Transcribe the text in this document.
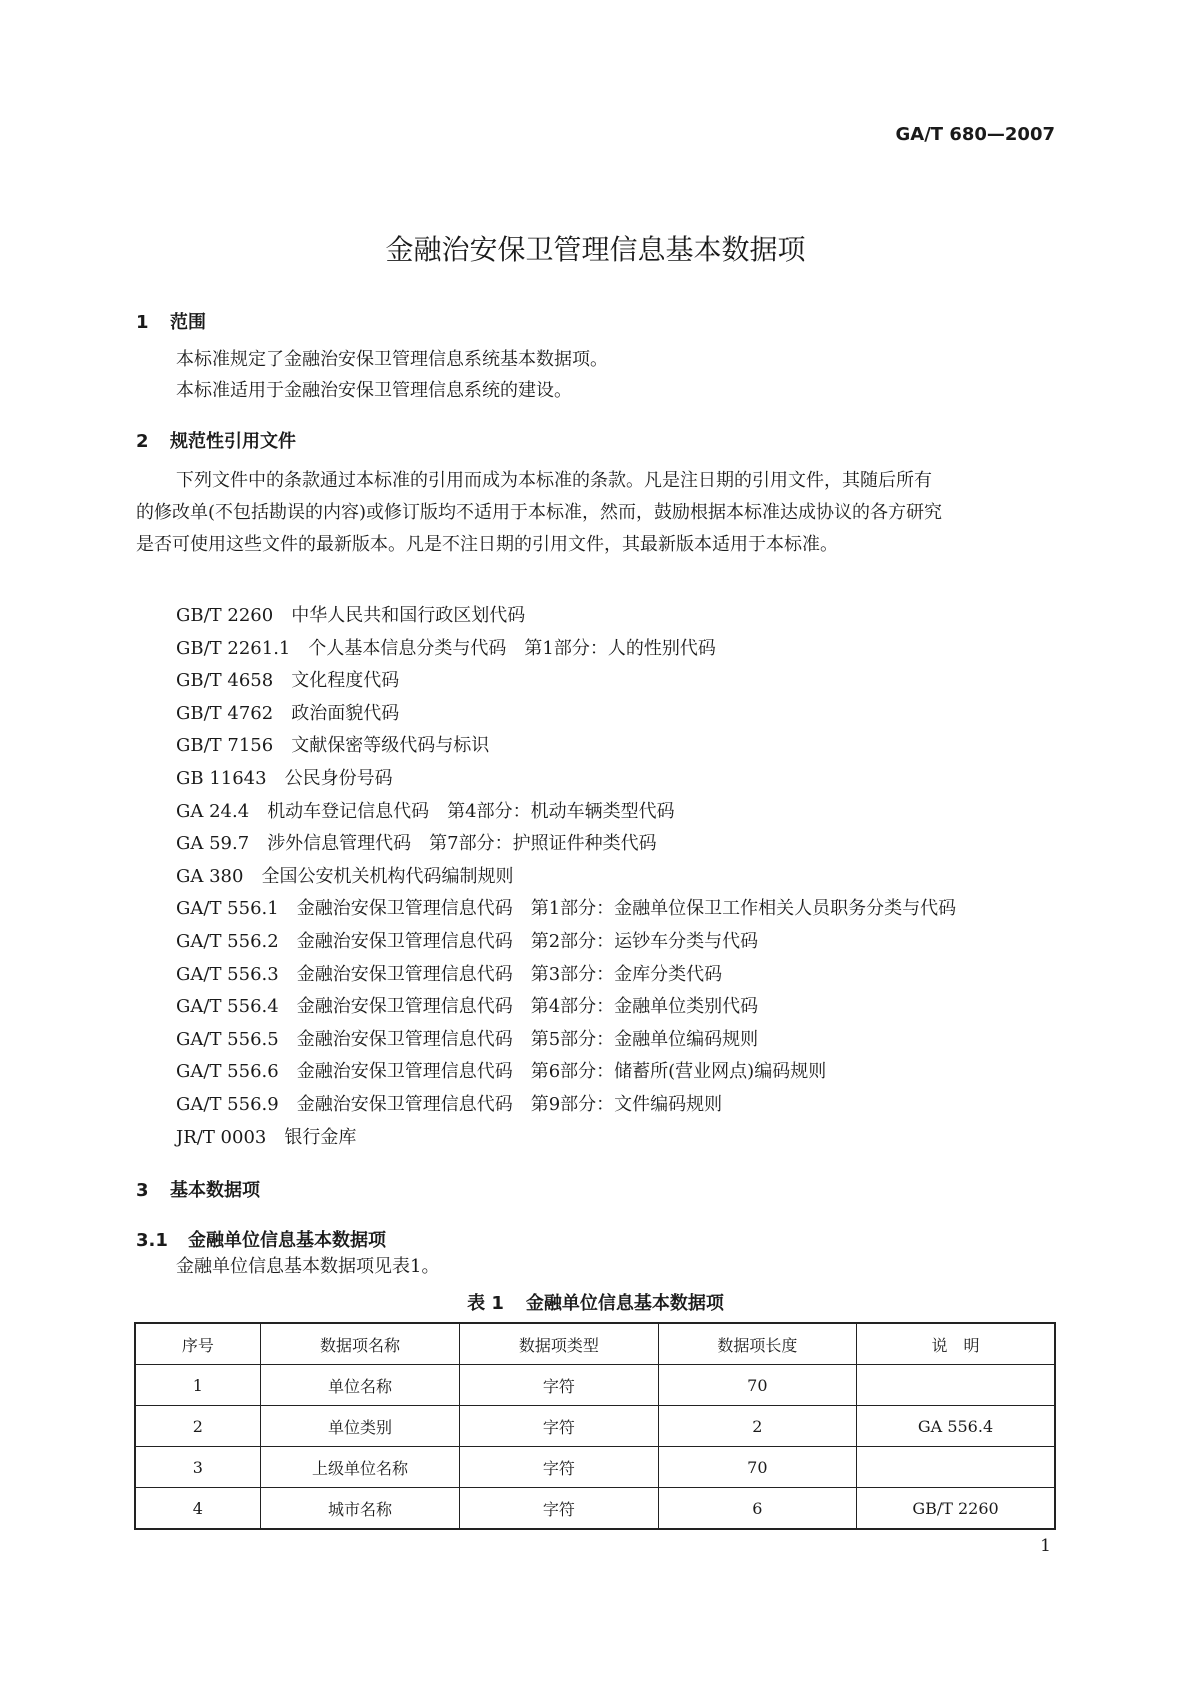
GA/T 680—2007
金融治安保卫管理信息基本数据项
1 范围
本标准规定了金融治安保卫管理信息系统基本数据项。
本标准适用于金融治安保卫管理信息系统的建设。
2 规范性引用文件
下列文件中的条款通过本标准的引用而成为本标准的条款。凡是注日期的引用文件，其随后所有
的修改单(不包括勘误的内容)或修订版均不适用于本标准，然而，鼓励根据本标准达成协议的各方研究
是否可使用这些文件的最新版本。凡是不注日期的引用文件，其最新版本适用于本标准。
GB/T 2260 中华人民共和国行政区划代码
GB/T 2261.1 个人基本信息分类与代码　第1部分：人的性别代码
GB/T 4658 文化程度代码
GB/T 4762 政治面貌代码
GB/T 7156 文献保密等级代码与标识
GB 11643 公民身份号码
GA 24.4 机动车登记信息代码　第4部分：机动车辆类型代码
GA 59.7 涉外信息管理代码　第7部分：护照证件种类代码
GA 380 全国公安机关机构代码编制规则
GA/T 556.1 金融治安保卫管理信息代码　第1部分：金融单位保卫工作相关人员职务分类与代码
GA/T 556.2 金融治安保卫管理信息代码　第2部分：运钞车分类与代码
GA/T 556.3 金融治安保卫管理信息代码　第3部分：金库分类代码
GA/T 556.4 金融治安保卫管理信息代码　第4部分：金融单位类别代码
GA/T 556.5 金融治安保卫管理信息代码　第5部分：金融单位编码规则
GA/T 556.6 金融治安保卫管理信息代码　第6部分：储蓄所(营业网点)编码规则
GA/T 556.9 金融治安保卫管理信息代码　第9部分：文件编码规则
JR/T 0003 银行金库
3 基本数据项
3.1 金融单位信息基本数据项
金融单位信息基本数据项见表1。
表 1 金融单位信息基本数据项
序号	数据项名称	数据项类型	数据项长度	说　明
1	单位名称	字符	70	
2	单位类别	字符	2	GA 556.4
3	上级单位名称	字符	70	
4	城市名称	字符	6	GB/T 2260
1
